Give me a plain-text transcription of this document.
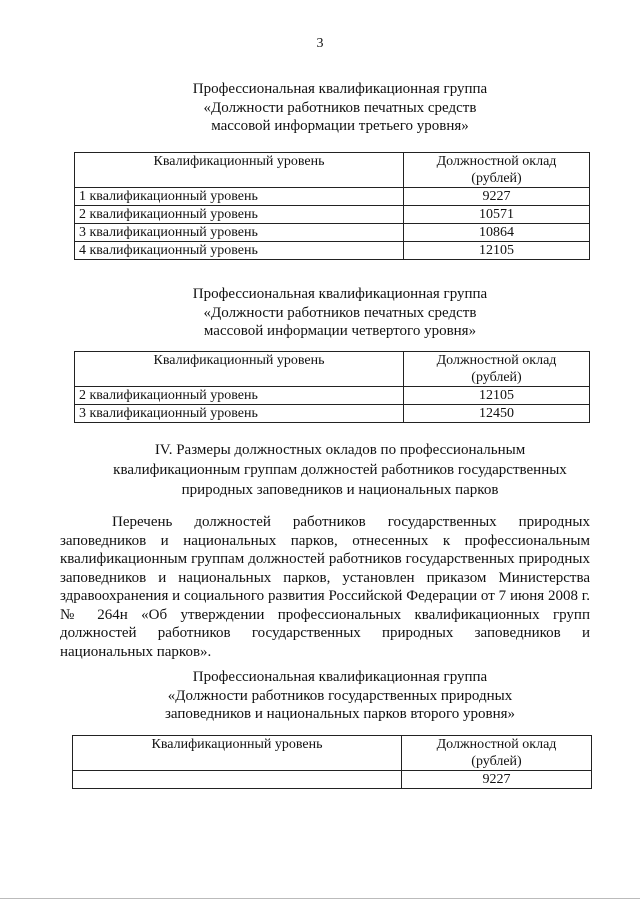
3
Профессиональная квалификационная группа
«Должности работников печатных средств
массовой информации третьего уровня»
Квалификационный уровень	Должностной оклад
(рублей)

1 квалификационный уровень	9227
2 квалификационный уровень	10571
3 квалификационный уровень	10864
4 квалификационный уровень	12105
Профессиональная квалификационная группа
«Должности работников печатных средств
массовой информации четвертого уровня»
Квалификационный уровень	Должностной оклад
(рублей)

2 квалификационный уровень	12105
3 квалификационный уровень	12450
IV. Размеры должностных окладов по профессиональным
квалификационным группам должностей работников государственных
природных заповедников и национальных парков
Перечень должностей работников государственных природных заповедников и национальных парков, отнесенных к профессиональным квалификационным группам должностей работников государственных природных заповедников и национальных парков, установлен приказом Министерства здравоохранения и социального развития Российской Федерации от 7 июня 2008 г. № 264н «Об утверждении профессиональных квалификационных групп должностей работников государственных природных заповедников и национальных парков».
Профессиональная квалификационная группа
«Должности работников государственных природных
заповедников и национальных парков второго уровня»
Квалификационный уровень	Должностной оклад
(рублей)

	9227
